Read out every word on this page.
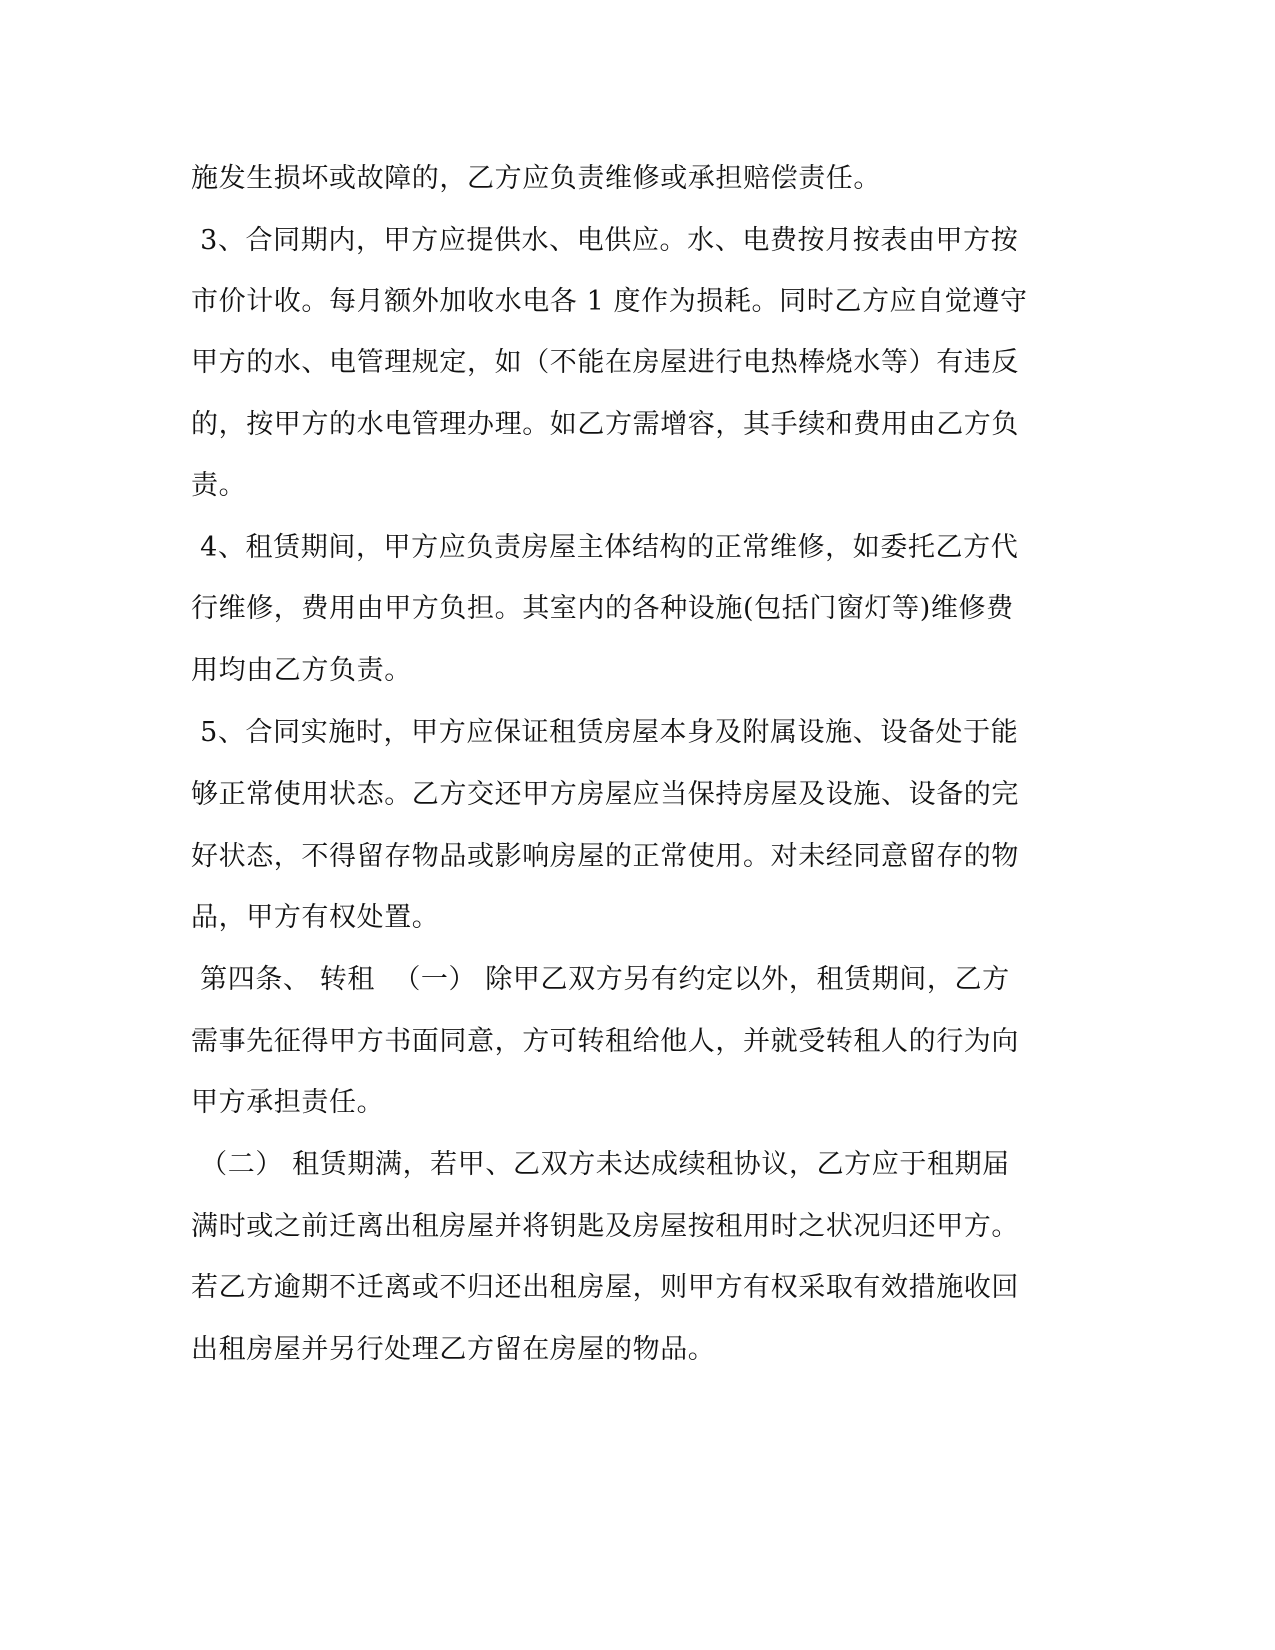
施发生损坏或故障的，乙方应负责维修或承担赔偿责任。
3、合同期内，甲方应提供水、电供应。水、电费按月按表由甲方按
市价计收。每月额外加收水电各 1 度作为损耗。同时乙方应自觉遵守
甲方的水、电管理规定，如（不能在房屋进行电热棒烧水等）有违反
的，按甲方的水电管理办理。如乙方需增容，其手续和费用由乙方负
责。
4、租赁期间，甲方应负责房屋主体结构的正常维修，如委托乙方代
行维修，费用由甲方负担。其室内的各种设施(包括门窗灯等)维修费
用均由乙方负责。
5、合同实施时，甲方应保证租赁房屋本身及附属设施、设备处于能
够正常使用状态。乙方交还甲方房屋应当保持房屋及设施、设备的完
好状态，不得留存物品或影响房屋的正常使用。对未经同意留存的物
品，甲方有权处置。
第四条、 转租  （一） 除甲乙双方另有约定以外，租赁期间，乙方
需事先征得甲方书面同意，方可转租给他人，并就受转租人的行为向
甲方承担责任。
（二） 租赁期满，若甲、乙双方未达成续租协议，乙方应于租期届
满时或之前迁离出租房屋并将钥匙及房屋按租用时之状况归还甲方。
若乙方逾期不迁离或不归还出租房屋，则甲方有权采取有效措施收回
出租房屋并另行处理乙方留在房屋的物品。
